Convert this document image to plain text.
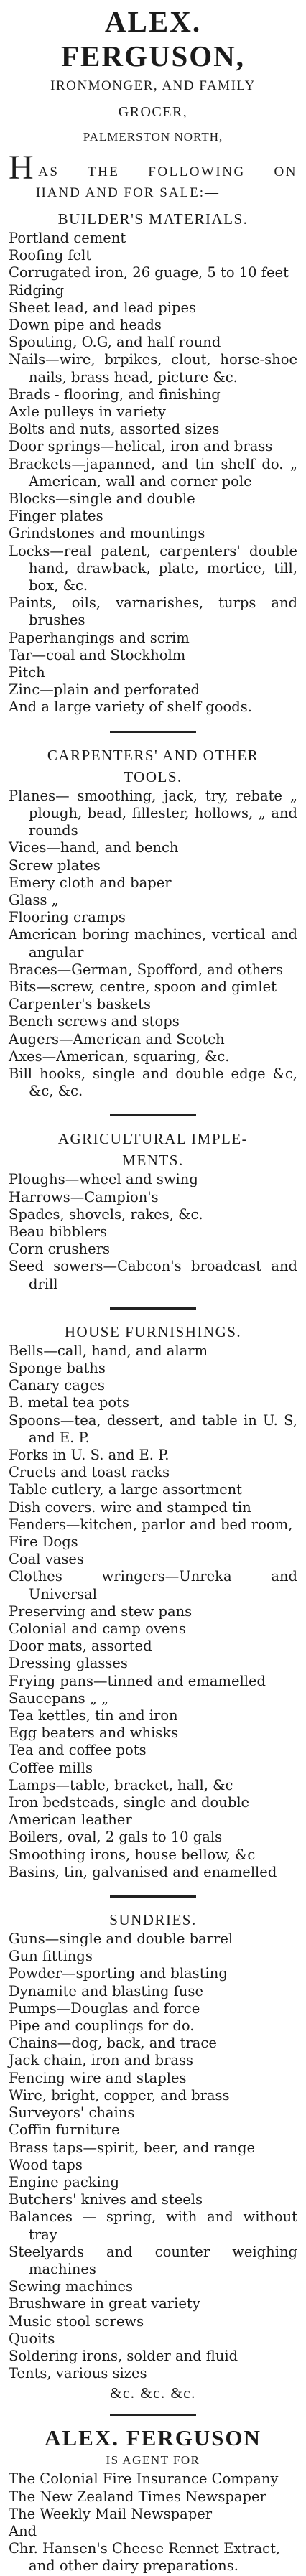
ALEX. FERGUSON,
IRONMONGER, AND FAMILY
GROCER,
PALMERSTON NORTH,
H AS THE FOLLOWING ON
HAND AND FOR SALE:—
BUILDER'S MATERIALS.
Portland cement
Roofing felt
Corrugated iron, 26 guage, 5 to 10 feet
Ridging
Sheet lead, and lead pipes
Down pipe and heads
Spouting, O.G, and half round
Nails—wire, brpikes, clout, horse-shoe nails, brass head, picture &c.
Brads - flooring, and finishing
Axle pulleys in variety
Bolts and nuts, assorted sizes
Door springs—helical, iron and brass
Brackets—japanned, and tin shelf do. „ American, wall and corner pole
Blocks—single and double
Finger plates
Grindstones and mountings
Locks—real patent, carpenters' double hand, drawback, plate, mortice, till, box, &c.
Paints, oils, varnarishes, turps and brushes
Paperhangings and scrim
Tar—coal and Stockholm
Pitch
Zinc—plain and perforated
And a large variety of shelf goods.
CARPENTERS' AND OTHER
TOOLS.
Planes— smoothing, jack, try, rebate „ plough, bead, fillester, hollows, „ and rounds
Vices—hand, and bench
Screw plates
Emery cloth and baper
Glass „
Flooring cramps
American boring machines, vertical and angular
Braces—German, Spofford, and others
Bits—screw, centre, spoon and gimlet
Carpenter's baskets
Bench screws and stops
Augers—American and Scotch
Axes—American, squaring, &c.
Bill hooks, single and double edge &c, &c, &c.
AGRICULTURAL IMPLE-
MENTS.
Ploughs—wheel and swing
Harrows—Campion's
Spades, shovels, rakes, &c.
Beau bibblers
Corn crushers
Seed sowers—Cabcon's broadcast and drill
HOUSE FURNISHINGS.
Bells—call, hand, and alarm
Sponge baths
Canary cages
B. metal tea pots
Spoons—tea, dessert, and table in U. S, and E. P.
Forks in U. S. and E. P.
Cruets and toast racks
Table cutlery, a large assortment
Dish covers. wire and stamped tin
Fenders—kitchen, parlor and bed room,
Fire Dogs
Coal vases
Clothes wringers—Unreka and Universal
Preserving and stew pans
Colonial and camp ovens
Door mats, assorted
Dressing glasses
Frying pans—tinned and emamelled
Saucepans „ „
Tea kettles, tin and iron
Egg beaters and whisks
Tea and coffee pots
Coffee mills
Lamps—table, bracket, hall, &c
Iron bedsteads, single and double
American leather
Boilers, oval, 2 gals to 10 gals
Smoothing irons, house bellow, &c
Basins, tin, galvanised and enamelled
SUNDRIES.
Guns—single and double barrel
Gun fittings
Powder—sporting and blasting
Dynamite and blasting fuse
Pumps—Douglas and force
Pipe and couplings for do.
Chains—dog, back, and trace
Jack chain, iron and brass
Fencing wire and staples
Wire, bright, copper, and brass
Surveyors' chains
Coffin furniture
Brass taps—spirit, beer, and range
Wood taps
Engine packing
Butchers' knives and steels
Balances — spring, with and without tray
Steelyards and counter weighing machines
Sewing machines
Brushware in great variety
Music stool screws
Quoits
Soldering irons, solder and fluid
Tents, various sizes
&c. &c. &c.
ALEX. FERGUSON
IS AGENT FOR
The Colonial Fire Insurance Company
The New Zealand Times Newspaper
The Weekly Mail Newspaper
And
Chr. Hansen's Cheese Rennet Extract, and other dairy preparations.
